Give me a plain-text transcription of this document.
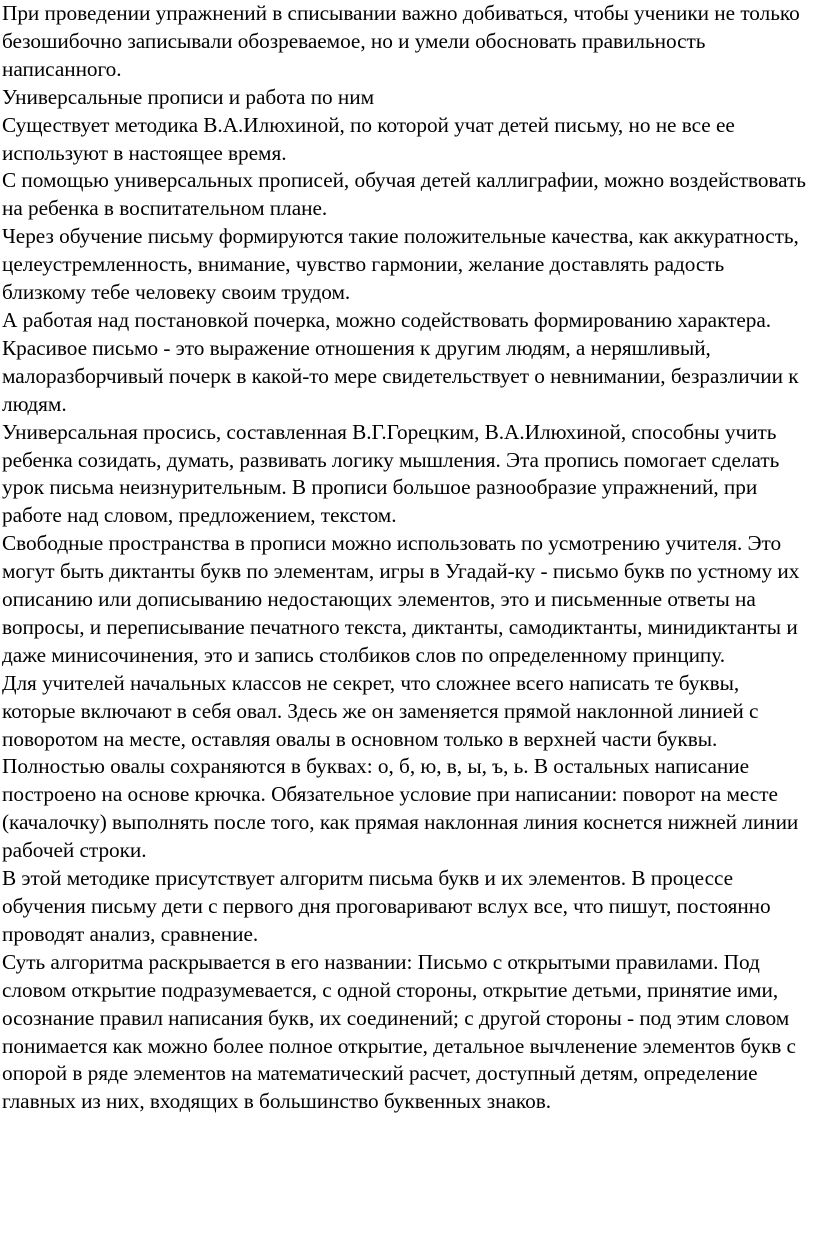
При проведении упражнений в списывании важно добиваться, чтобы ученики не только безошибочно записывали обозреваемое, но и умели обосновать правильность написанного.

Универсальные прописи и работа по ним

Существует методика В.А.Илюхиной, по которой учат детей письму, но не все ее используют в настоящее время.

С помощью универсальных прописей, обучая детей каллиграфии, можно воздействовать на ребенка в воспитательном плане.

Через обучение письму формируются такие положительные качества, как аккуратность, целеустремленность, внимание, чувство гармонии, желание доставлять радость близкому тебе человеку своим трудом.

А работая над постановкой почерка, можно содействовать формированию характера.

Красивое письмо - это выражение отношения к другим людям, а неряшливый, малоразборчивый почерк в какой-то мере свидетельствует о невнимании, безразличии к людям.

Универсальная просись, составленная В.Г.Горецким, В.А.Илюхиной, способны учить ребенка созидать, думать, развивать логику мышления. Эта пропись помогает сделать урок письма неизнурительным. В прописи большое разнообразие упражнений, при работе над словом, предложением, текстом.

Свободные пространства в прописи можно использовать по усмотрению учителя. Это могут быть диктанты букв по элементам, игры в Угадай-ку - письмо букв по устному их описанию или дописыванию недостающих элементов, это и письменные ответы на вопросы, и переписывание печатного текста, диктанты, самодиктанты, минидиктанты и даже минисочинения, это и запись столбиков слов по определенному принципу.

Для учителей начальных классов не секрет, что сложнее всего написать те буквы, которые включают в себя овал. Здесь же он заменяется прямой наклонной линией с поворотом на месте, оставляя овалы в основном только в верхней части буквы. Полностью овалы сохраняются в буквах: о, б, ю, в, ы, ъ, ь. В остальных написание построено на основе крючка. Обязательное условие при написании: поворот на месте (качалочку) выполнять после того, как прямая наклонная линия коснется нижней линии рабочей строки.

В этой методике присутствует алгоритм письма букв и их элементов. В процессе обучения письму дети с первого дня проговаривают вслух все, что пишут, постоянно проводят анализ, сравнение.

Суть алгоритма раскрывается в его названии: Письмо с открытыми правилами. Под словом открытие подразумевается, с одной стороны, открытие детьми, принятие ими, осознание правил написания букв, их соединений; с другой стороны - под этим словом понимается как можно более полное открытие, детальное вычленение элементов букв с опорой в ряде элементов на математический расчет, доступный детям, определение главных из них, входящих в большинство буквенных знаков.
